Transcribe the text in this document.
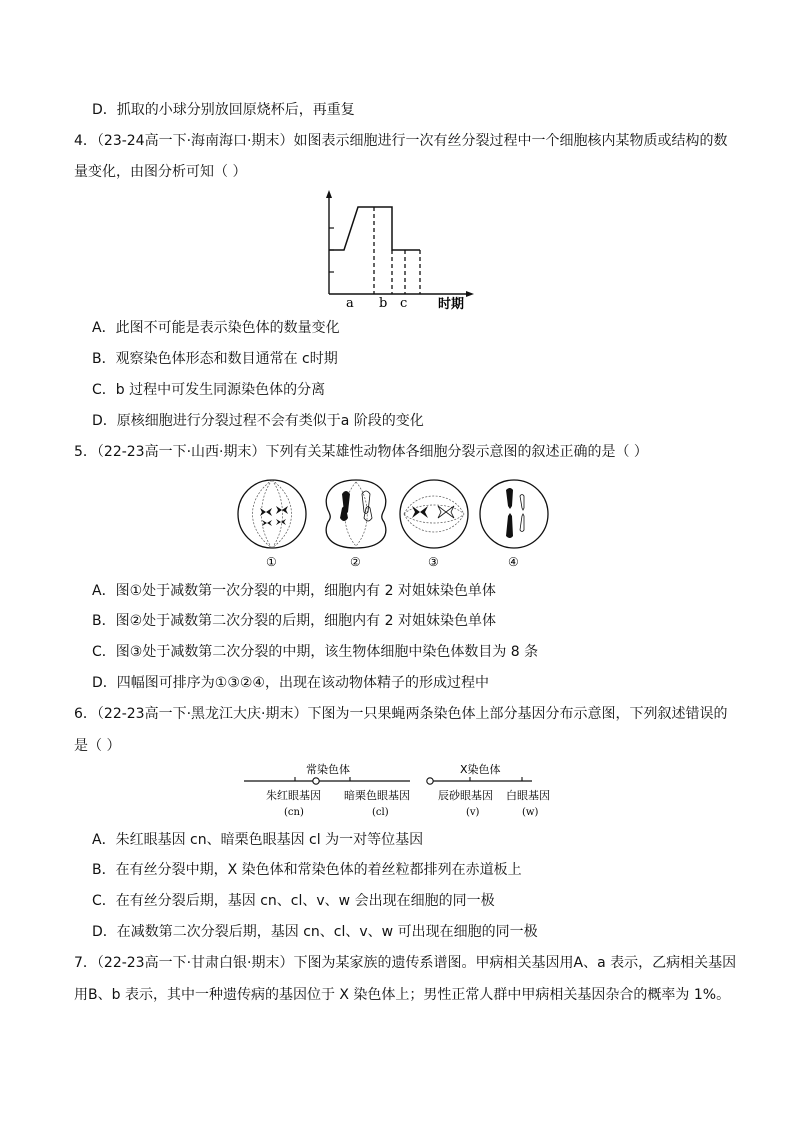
D．抓取的小球分别放回原烧杯后，再重复
4．（23-24高一下·海南海口·期末）如图表示细胞进行一次有丝分裂过程中一个细胞核内某物质或结构的数
量变化，由图分析可知（ ）
a b c 时期
A．此图不可能是表示染色体的数量变化
B．观察染色体形态和数目通常在 c时期
C．b 过程中可发生同源染色体的分离
D．原核细胞进行分裂过程不会有类似于a 阶段的变化
5．（22-23高一下·山西·期末）下列有关某雄性动物体各细胞分裂示意图的叙述正确的是（ ）
①	②	③	④
A．图①处于减数第一次分裂的中期，细胞内有 2 对姐妹染色单体
B．图②处于减数第二次分裂的后期，细胞内有 2 对姐妹染色单体
C．图③处于减数第二次分裂的中期，该生物体细胞中染色体数目为 8 条
D．四幅图可排序为①③②④，出现在该动物体精子的形成过程中
6．（22-23高一下·黑龙江大庆·期末）下图为一只果蝇两条染色体上部分基因分布示意图，下列叙述错误的
是（ ）
常染色体	X染色体
朱红眼基因
(cn)
暗栗色眼基因
(cl)
辰砂眼基因
(v)
白眼基因
(w)
A．朱红眼基因 cn、暗栗色眼基因 cl 为一对等位基因
B．在有丝分裂中期，X 染色体和常染色体的着丝粒都排列在赤道板上
C．在有丝分裂后期，基因 cn、cl、v、w 会出现在细胞的同一极
D．在减数第二次分裂后期，基因 cn、cl、v、w 可出现在细胞的同一极
7．（22-23高一下·甘肃白银·期末）下图为某家族的遗传系谱图。甲病相关基因用A、a 表示，乙病相关基因
用B、b 表示，其中一种遗传病的基因位于 X 染色体上；男性正常人群中甲病相关基因杂合的概率为 1%。
